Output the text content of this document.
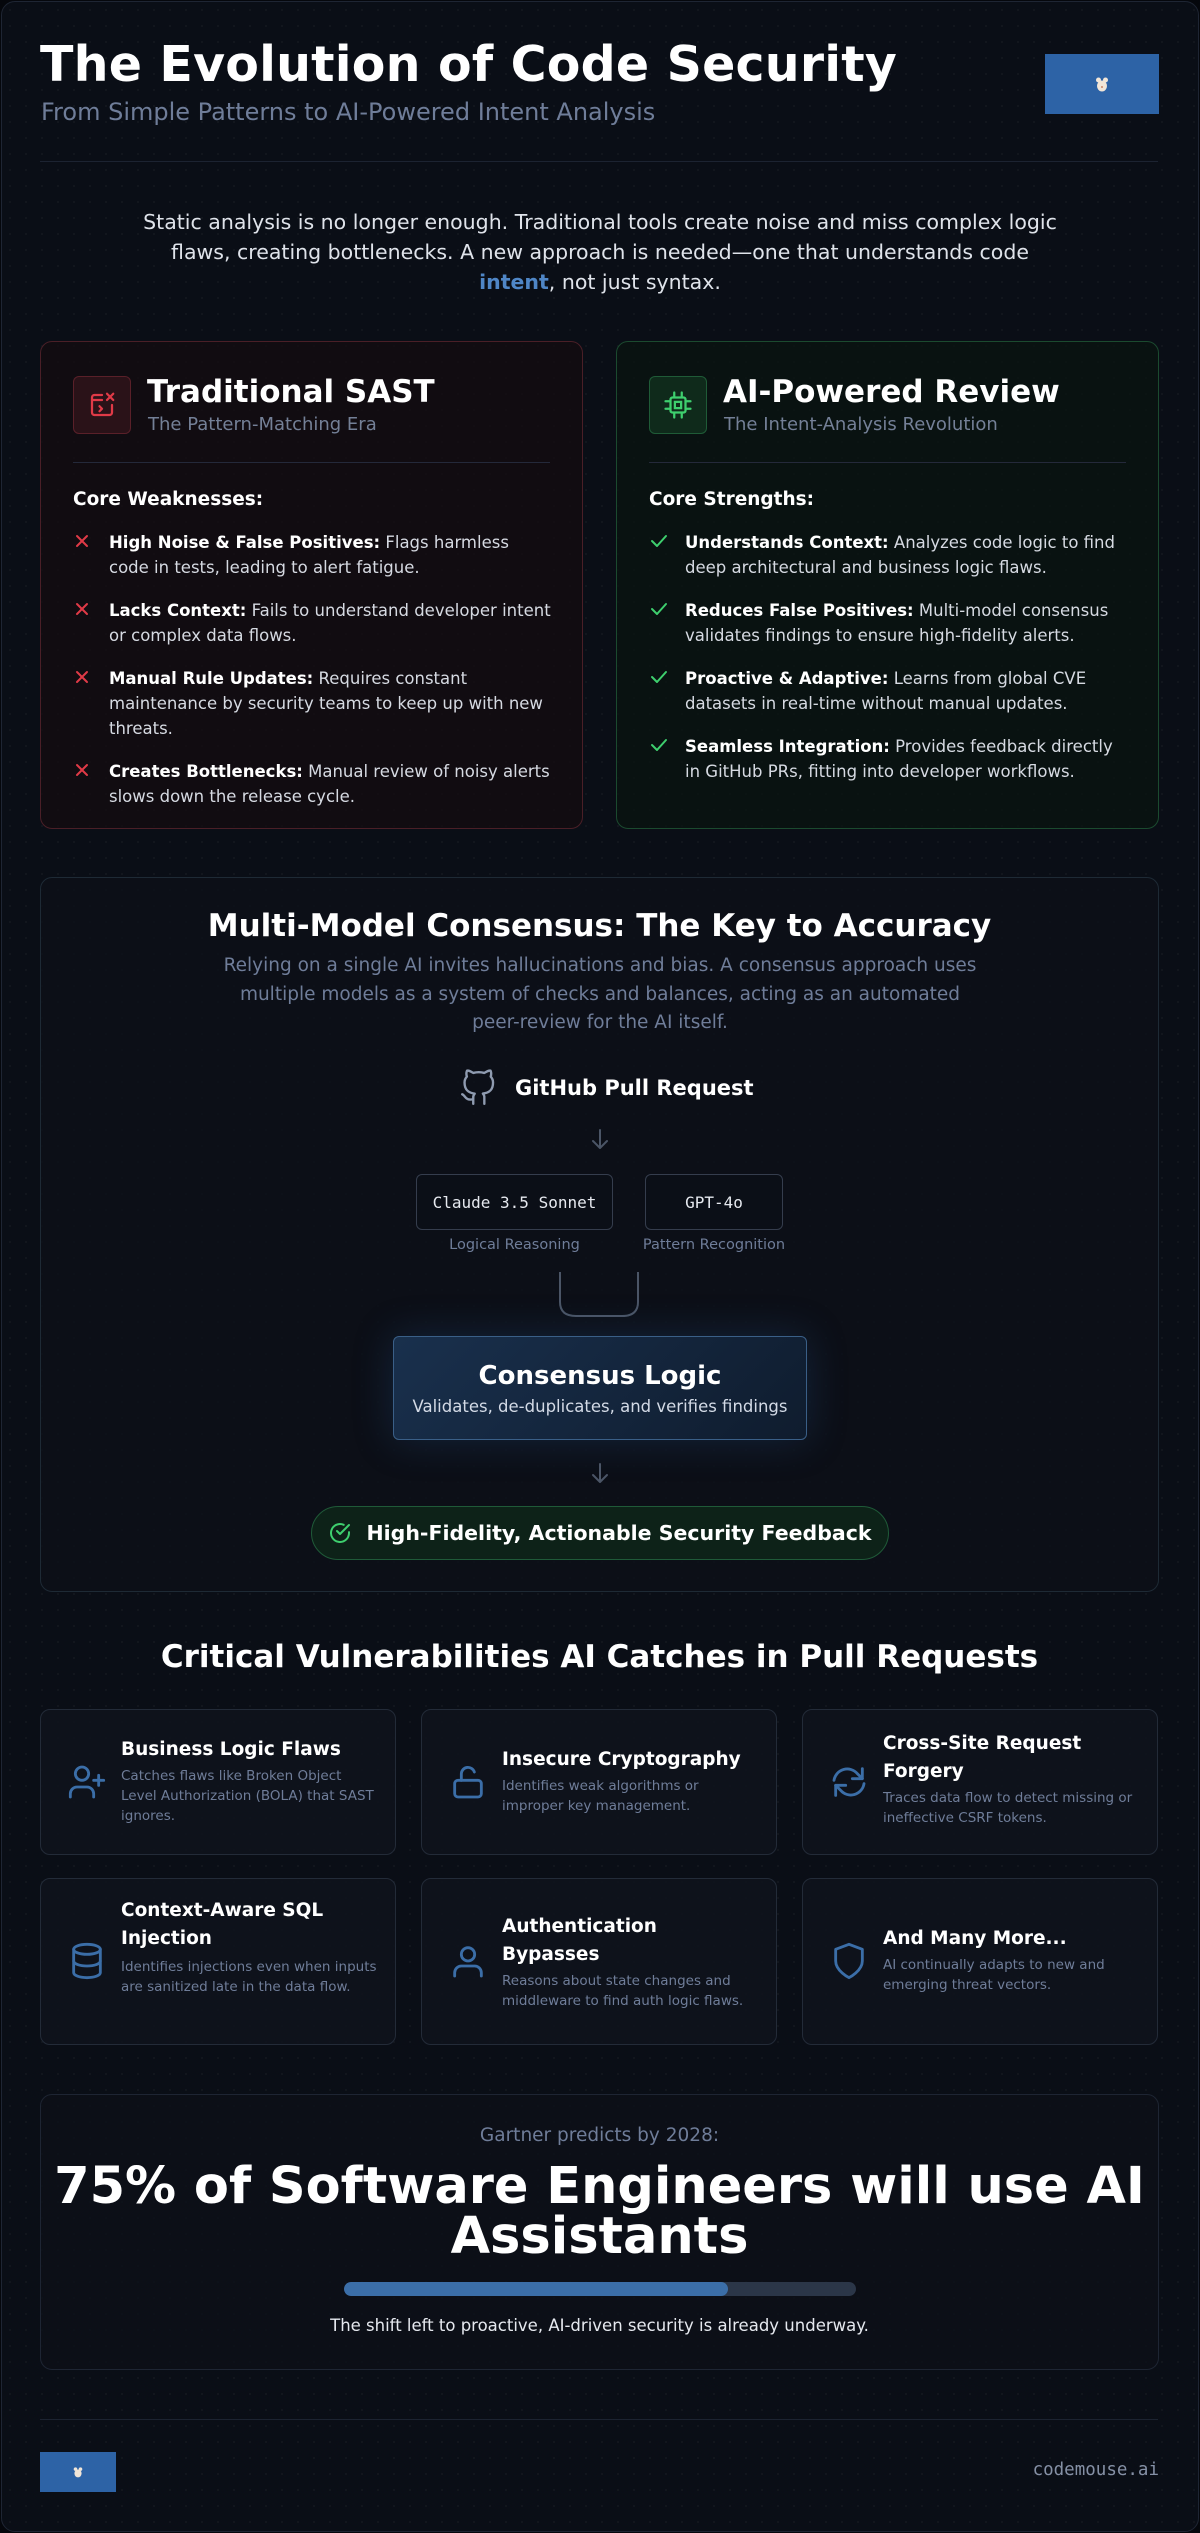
The Evolution of Code Security
From Simple Patterns to AI-Powered Intent Analysis
Static analysis is no longer enough. Traditional tools create noise and miss complex logic flaws, creating bottlenecks. A new approach is needed—one that understands code intent, not just syntax.
Traditional SAST
The Pattern-Matching Era
Core Weaknesses:
High Noise & False Positives: Flags harmless code in tests, leading to alert fatigue.
Lacks Context: Fails to understand developer intent or complex data flows.
Manual Rule Updates: Requires constant maintenance by security teams to keep up with new threats.
Creates Bottlenecks: Manual review of noisy alerts slows down the release cycle.
AI-Powered Review
The Intent-Analysis Revolution
Core Strengths:
Understands Context: Analyzes code logic to find deep architectural and business logic flaws.
Reduces False Positives: Multi-model consensus validates findings to ensure high-fidelity alerts.
Proactive & Adaptive: Learns from global CVE datasets in real-time without manual updates.
Seamless Integration: Provides feedback directly in GitHub PRs, fitting into developer workflows.
Multi-Model Consensus: The Key to Accuracy
Relying on a single AI invites hallucinations and bias. A consensus approach uses multiple models as a system of checks and balances, acting as an automated peer-review for the AI itself.
GitHub Pull Request
Claude 3.5 Sonnet
Logical Reasoning
GPT-4o
Pattern Recognition
Consensus Logic
Validates, de-duplicates, and verifies findings
High-Fidelity, Actionable Security Feedback
Critical Vulnerabilities AI Catches in Pull Requests
Business Logic Flaws
Catches flaws like Broken Object Level Authorization (BOLA) that SAST ignores.
Insecure Cryptography
Identifies weak algorithms or improper key management.
Cross-Site Request Forgery
Traces data flow to detect missing or ineffective CSRF tokens.
Context-Aware SQL Injection
Identifies injections even when inputs are sanitized late in the data flow.
Authentication Bypasses
Reasons about state changes and middleware to find auth logic flaws.
And Many More...
AI continually adapts to new and emerging threat vectors.
Gartner predicts by 2028:
75% of Software Engineers will use AI Assistants
The shift left to proactive, AI-driven security is already underway.
codemouse.ai
